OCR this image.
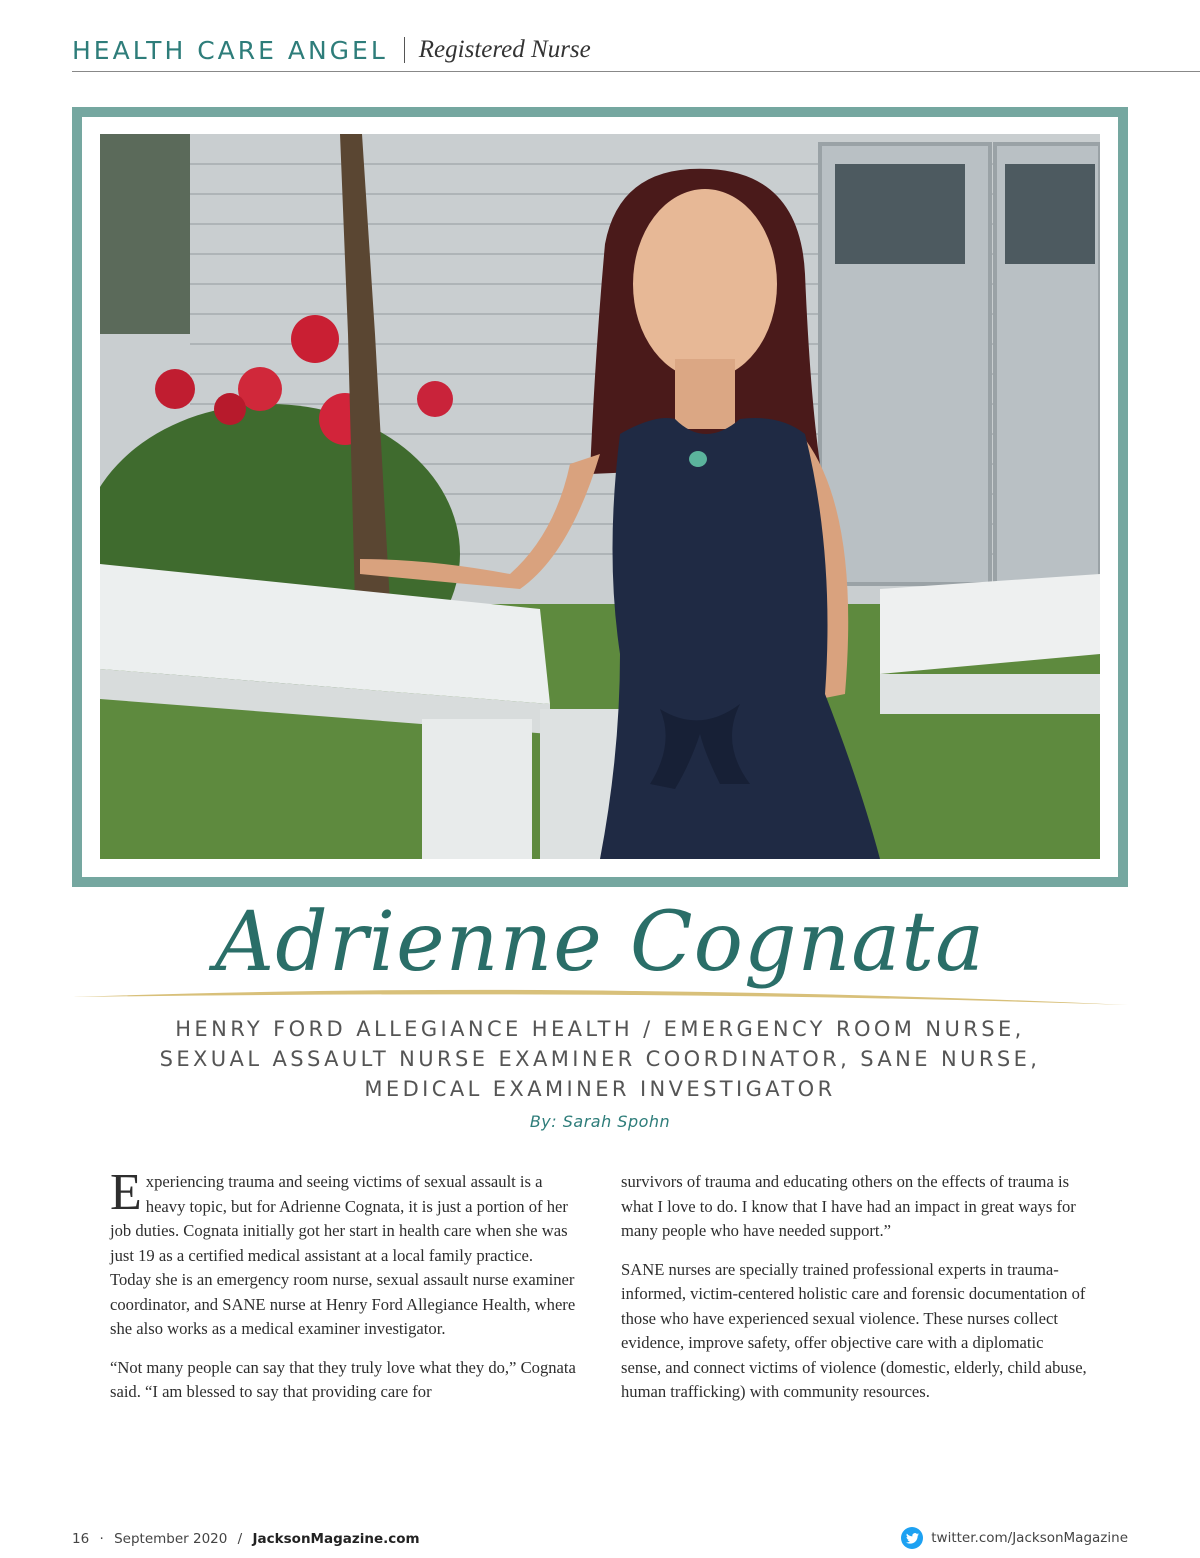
HEALTH CARE ANGEL Registered Nurse
Adrienne Cognata
HENRY FORD ALLEGIANCE HEALTH / EMERGENCY ROOM NURSE,
SEXUAL ASSAULT NURSE EXAMINER COORDINATOR, SANE NURSE,
MEDICAL EXAMINER INVESTIGATOR
By: Sarah Spohn

Experiencing trauma and seeing victims of sexual assault is a heavy topic, but for Adrienne Cognata, it is just a portion of her job duties. Cognata initially got her start in health care when she was just 19 as a certified medical assistant at a local family practice. Today she is an emergency room nurse, sexual assault nurse examiner coordinator, and SANE nurse at Henry Ford Allegiance Health, where she also works as a medical examiner investigator.

“Not many people can say that they truly love what they do,” Cognata said. “I am blessed to say that providing care for

survivors of trauma and educating others on the effects of trauma is what I love to do. I know that I have had an impact in great ways for many people who have needed support.”

SANE nurses are specially trained professional experts in trauma-informed, victim-centered holistic care and forensic documentation of those who have experienced sexual violence. These nurses collect evidence, improve safety, offer objective care with a diplomatic sense, and connect victims of violence (domestic, elderly, child abuse, human trafficking) with community resources.

16 · September 2020 / JacksonMagazine.com	twitter.com/JacksonMagazine
